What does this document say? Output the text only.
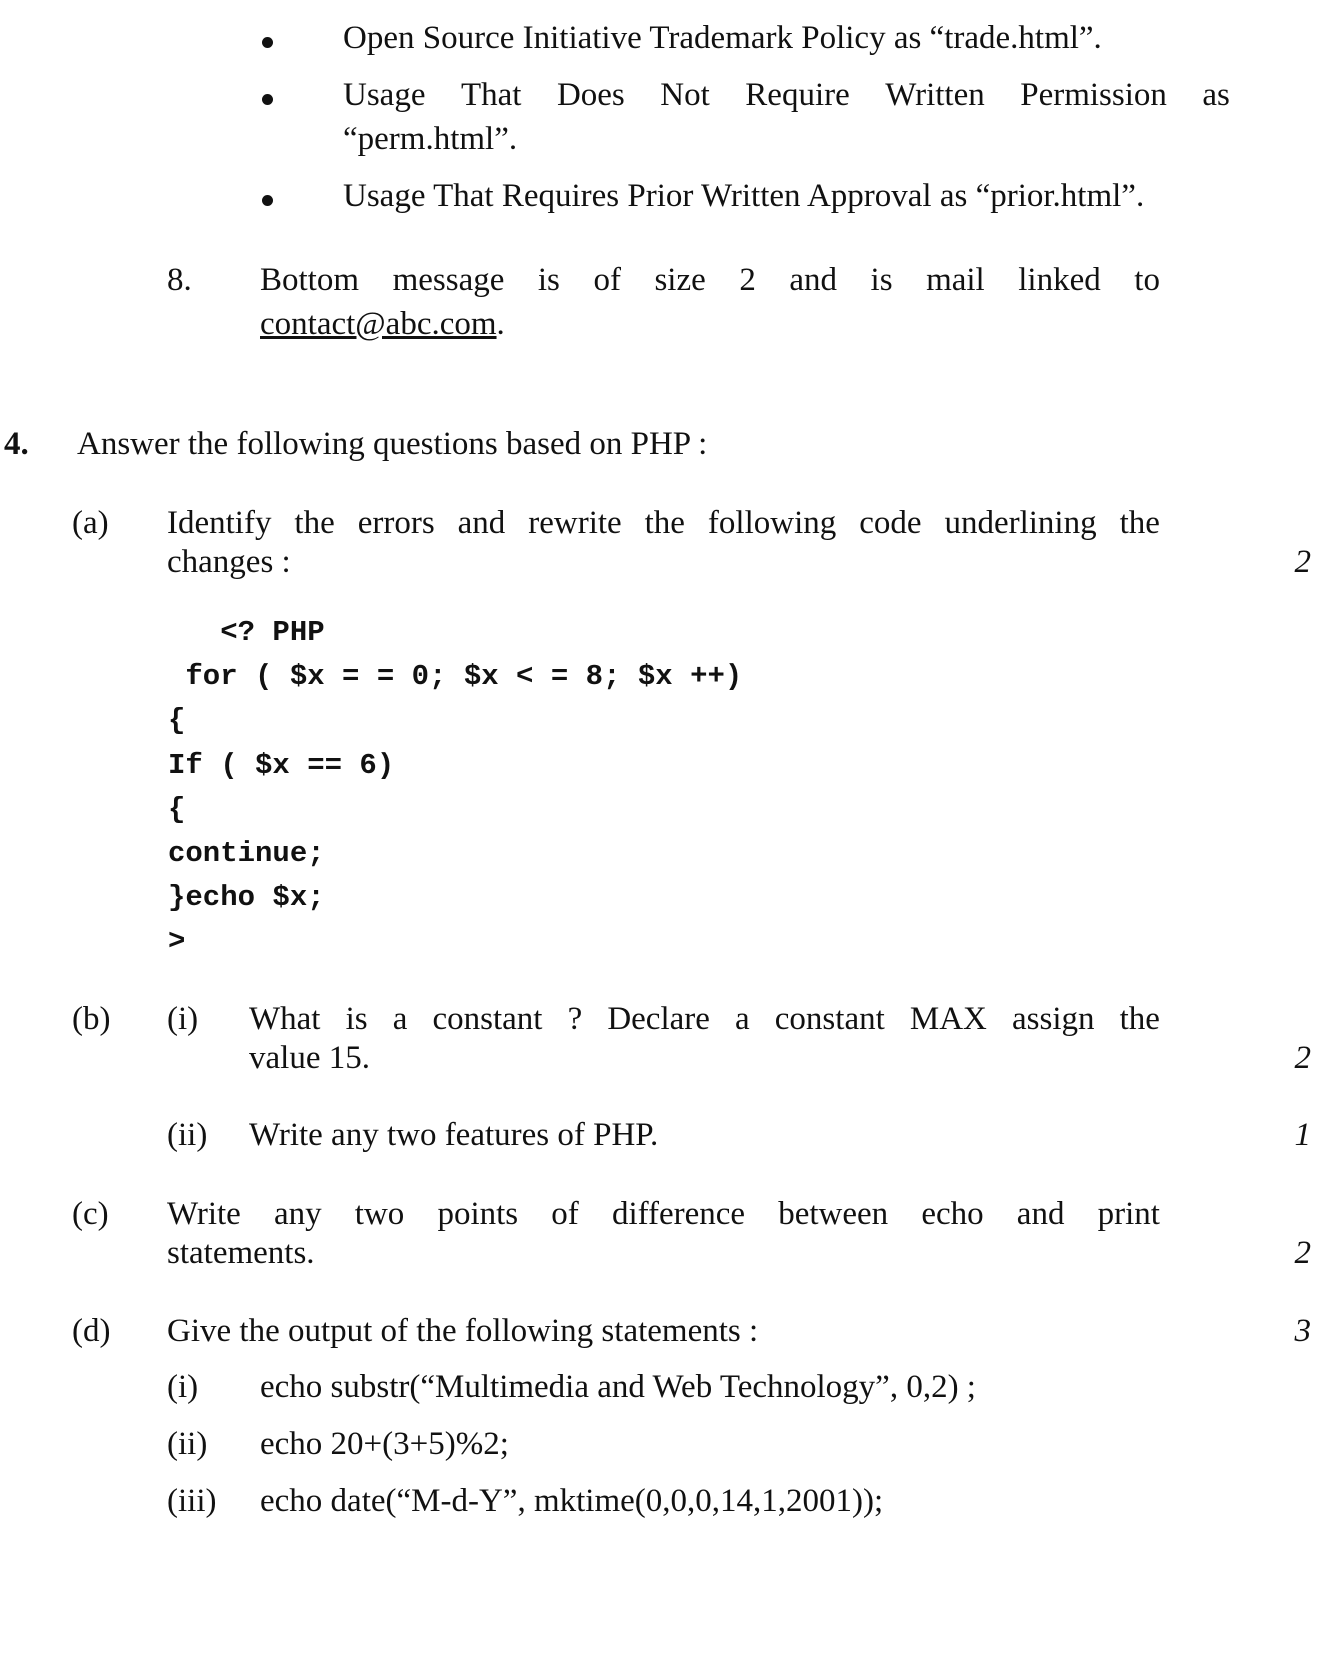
Open Source Initiative Trademark Policy as “trade.html”.
Usage That Does Not Require Written Permission as
“perm.html”.
Usage That Requires Prior Written Approval as “prior.html”.
8. Bottom message is of size 2 and is mail linked to
contact@abc.com.
4. Answer the following questions based on PHP :
(a) Identify the errors and rewrite the following code underlining the
changes :	2
<? PHP
for ( $x = = 0; $x < = 8; $x ++)
{
If ( $x == 6)
{
continue;
}echo $x;
>
(b) (i) What is a constant ? Declare a constant MAX assign the
value 15.	2
(ii) Write any two features of PHP.	1
(c) Write any two points of difference between echo and print
statements.	2
(d) Give the output of the following statements :	3
(i) echo substr(“Multimedia and Web Technology”, 0,2) ;
(ii) echo 20+(3+5)%2;
(iii) echo date(“M-d-Y”, mktime(0,0,0,14,1,2001));
